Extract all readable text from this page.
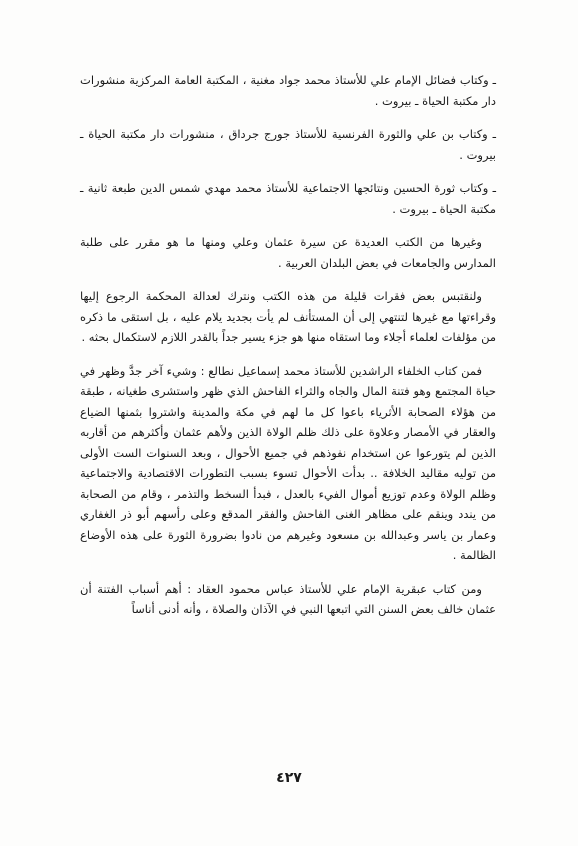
ـ وكتاب فضائل الإمام علي للأستاذ محمد جواد مغنية ، المكتبة العامة المركزية منشورات دار مكتبة الحياة ـ بيروت .

ـ وكتاب بن علي والثورة الفرنسية للأستاذ جورج جرداق ، منشورات دار مكتبة الحياة ـ بيروت .

ـ وكتاب ثورة الحسين ونتائجها الاجتماعية للأستاذ محمد مهدي شمس الدين طبعة ثانية ـ مكتبة الحياة ـ بيروت .

وغيرها من الكتب العديدة عن سيرة عثمان وعلي ومنها ما هو مقرر على طلبة المدارس والجامعات في بعض البلدان العربية .

ولنقتبس بعض فقرات قليلة من هذه الكتب ونترك لعدالة المحكمة الرجوع إليها وقراءتها مع غيرها لتنتهي إلى أن المستأنف لم يأت بجديد يلام عليه ، بل استقى ما ذكره من مؤلفات لعلماء أجلاء وما استقاه منها هو جزء يسير جداً بالقدر اللازم لاستكمال بحثه .

فمن كتاب الخلفاء الراشدين للأستاذ محمد إسماعيل نطالع : وشيء آخر جدَّ وظهر في حياة المجتمع وهو فتنة المال والجاه والثراء الفاحش الذي ظهر واستشرى طغيانه ، طبقة من هؤلاء الصحابة الأثرياء باعوا كل ما لهم في مكة والمدينة واشتروا بثمنها الضياع والعقار في الأمصار وعلاوة على ذلك ظلم الولاة الذين ولأهم عثمان وأكثرهم من أقاربه الذين لم يتورعوا عن استخدام نفوذهم في جميع الأحوال ، وبعد السنوات الست الأولى من توليه مقاليد الخلافة .. بدأت الأحوال تسوء بسبب التطورات الاقتصادية والاجتماعية وظلم الولاة وعدم توزيع أموال الفيء بالعدل ، فبدأ السخط والتذمر ، وقام من الصحابة من يندد وينقم على مظاهر الغنى الفاحش والفقر المدقع وعلى رأسهم أبو ذر الغفاري وعمار بن ياسر وعبدالله بن مسعود وغيرهم من نادوا بضرورة الثورة على هذه الأوضاع الظالمة .

ومن كتاب عبقرية الإمام علي للأستاذ عباس محمود العقاد : أهم أسباب الفتنة أن عثمان خالف بعض السنن التي اتبعها النبي في الآذان والصلاة ، وأنه أدنى أناساً

٤٢٧
